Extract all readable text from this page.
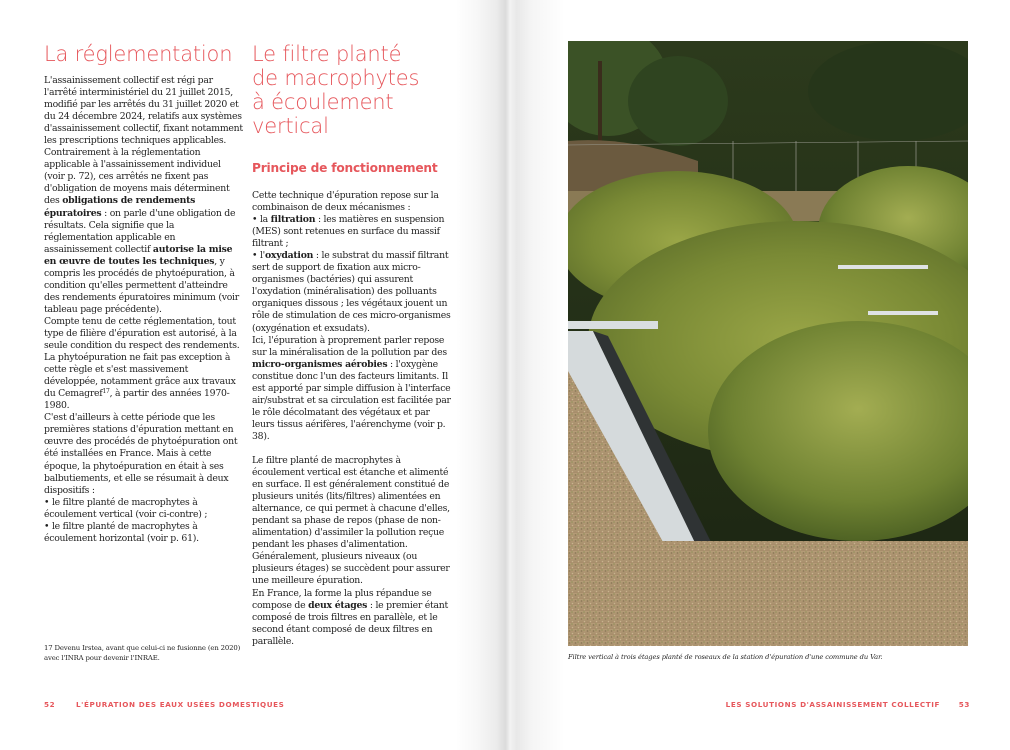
La réglementation

L'assainissement collectif est régi par l'arrêté interministériel du 21 juillet 2015, modifié par les arrêtés du 31 juillet 2020 et du 24 décembre 2024, relatifs aux systèmes d'assainissement collectif, fixant notamment les prescriptions techniques applicables. Contrairement à la réglementation applicable à l'assainissement individuel (voir p. 72), ces arrêtés ne fixent pas d'obligation de moyens mais déterminent des obligations de rendements épuratoires : on parle d'une obligation de résultats. Cela signifie que la réglementation applicable en assainissement collectif autorise la mise en œuvre de toutes les techniques, y compris les procédés de phytoépuration, à condition qu'elles permettent d'atteindre des rendements épuratoires minimum (voir tableau page précédente).

Compte tenu de cette réglementation, tout type de filière d'épuration est autorisé, à la seule condition du respect des rendements. La phytoépuration ne fait pas exception à cette règle et s'est massivement développée, notamment grâce aux travaux du Cemagref$^{17}$, à partir des années 1970-1980.

C'est d'ailleurs à cette période que les premières stations d'épuration mettant en œuvre des procédés de phytoépuration ont été installées en France. Mais à cette époque, la phytoépuration en était à ses balbutiements, et elle se résumait à deux dispositifs :

• le filtre planté de macrophytes à écoulement vertical (voir ci-contre) ;

• le filtre planté de macrophytes à écoulement horizontal (voir p. 61).

17 Devenu Irstea, avant que celui-ci ne fusionne (en 2020) avec l'INRA pour devenir l'INRAE.
52	L'ÉPURATION DES EAUX USÉES DOMESTIQUES
Le filtre planté
de macrophytes
à écoulement
vertical
Principe de fonctionnement

Cette technique d'épuration repose sur la combinaison de deux mécanismes :

• la filtration : les matières en suspension (MES) sont retenues en surface du massif filtrant ;

• l'oxydation : le substrat du massif filtrant sert de support de fixation aux micro-organismes (bactéries) qui assurent l'oxydation (minéralisation) des polluants organiques dissous ; les végétaux jouent un rôle de stimulation de ces micro-organismes (oxygénation et exsudats).

Ici, l'épuration à proprement parler repose sur la minéralisation de la pollution par des micro-organismes aérobies : l'oxygène constitue donc l'un des facteurs limitants. Il est apporté par simple diffusion à l'interface air/substrat et sa circulation est facilitée par le rôle décolmatant des végétaux et par leurs tissus aérifères, l'aérenchyme (voir p. 38).

Le filtre planté de macrophytes à écoulement vertical est étanche et alimenté en surface. Il est généralement constitué de plusieurs unités (lits/filtres) alimentées en alternance, ce qui permet à chacune d'elles, pendant sa phase de repos (phase de non-alimentation) d'assimiler la pollution reçue pendant les phases d'alimentation. Généralement, plusieurs niveaux (ou plusieurs étages) se succèdent pour assurer une meilleure épuration.

En France, la forme la plus répandue se compose de deux étages : le premier étant composé de trois filtres en parallèle, et le second étant composé de deux filtres en parallèle.

Filtre vertical à trois étages planté de roseaux de la station d'épuration d'une commune du Var.
LES SOLUTIONS D'ASSAINISSEMENT COLLECTIF	53
